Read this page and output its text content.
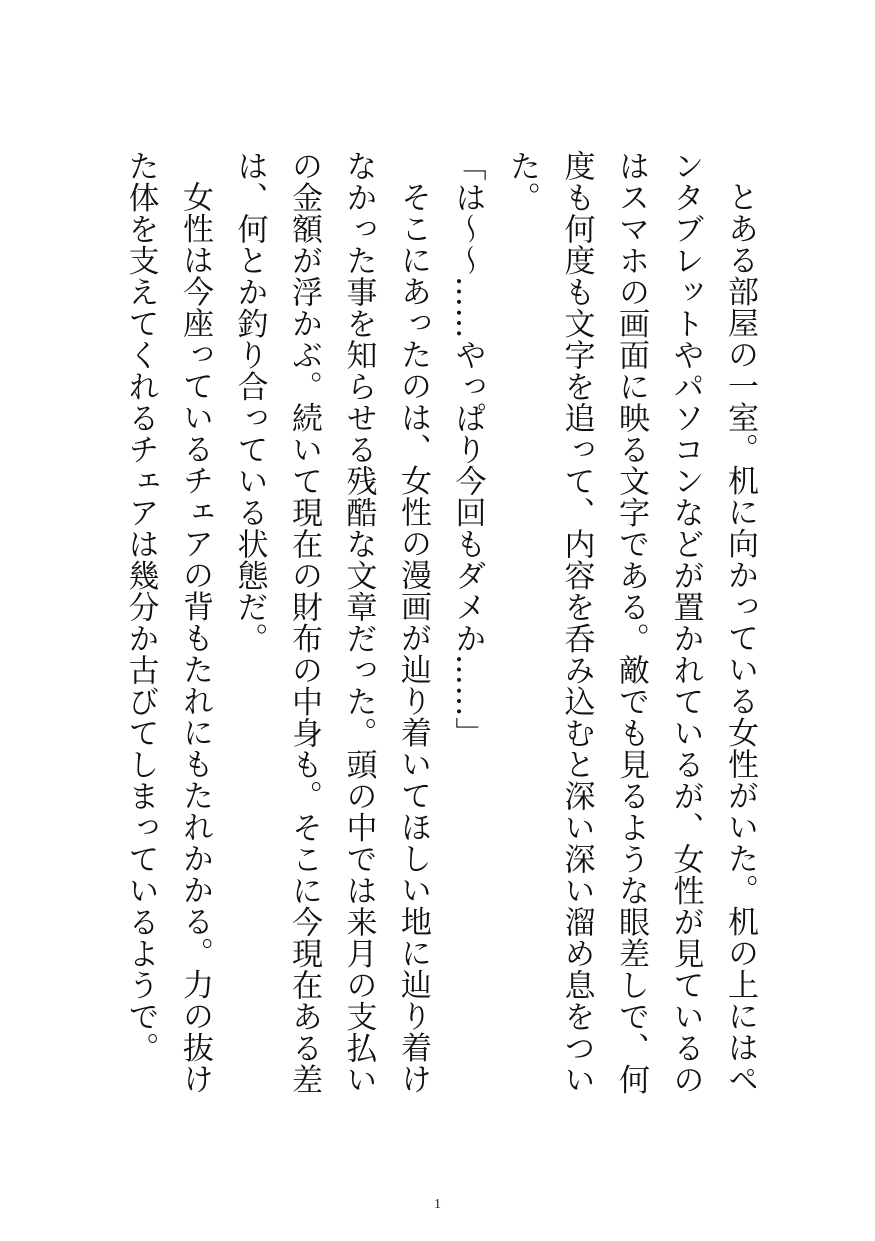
とある部屋の一室。机に向かっている女性がいた。机の上にはペンタブレットやパソコンなどが置かれているが、女性が見ているのはスマホの画面に映る文字である。敵でも見るような眼差しで、何度も何度も文字を追って、内容を呑み込むと深い深い溜め息をついた。

「は～～……やっぱり今回もダメか……」

そこにあったのは、女性の漫画が辿り着いてほしい地に辿り着けなかった事を知らせる残酷な文章だった。頭の中では来月の支払いの金額が浮かぶ。続いて現在の財布の中身も。そこに今現在ある差は、何とか釣り合っている状態だ。

女性は今座っているチェアの背もたれにもたれかかる。力の抜けた体を支えてくれるチェアは幾分か古びてしまっているようで。

1
